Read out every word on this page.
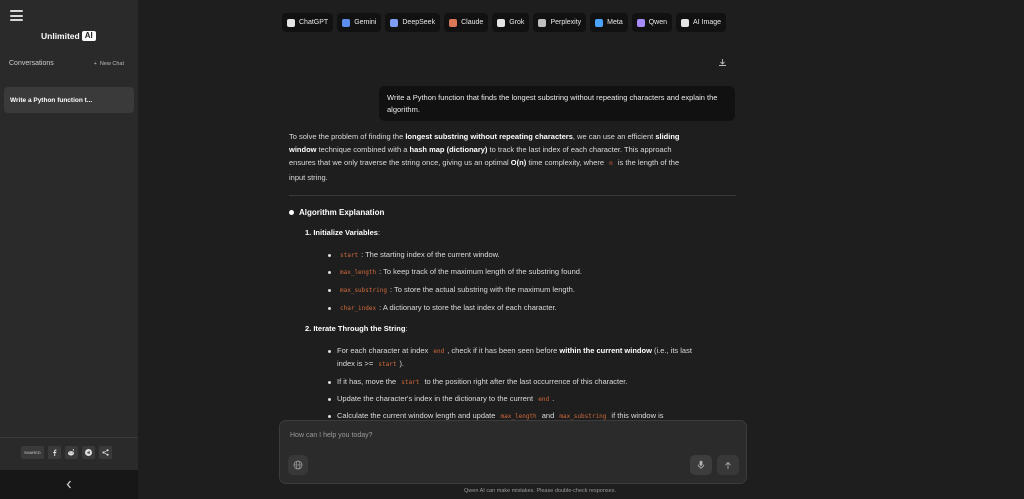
Unlimited AI
Conversations	+ New Chat
Write a Python function t...
SHARED
ChatGPT	Gemini	DeepSeek	Claude	Grok	Perplexity	Meta	Qwen	AI Image
Write a Python function that finds the longest substring without repeating characters and explain the algorithm.
To solve the problem of finding the longest substring without repeating characters, we can use an efficient sliding
window technique combined with a hash map (dictionary) to track the last index of each character. This approach
ensures that we only traverse the string once, giving us an optimal O(n) time complexity, where n is the length of the
input string.
Algorithm Explanation
1. Initialize Variables:
start : The starting index of the current window.
max_length : To keep track of the maximum length of the substring found.
max_substring : To store the actual substring with the maximum length.
char_index : A dictionary to store the last index of each character.
2. Iterate Through the String:
For each character at index end , check if it has been seen before within the current window (i.e., its last
index is >= start ).
If it has, move the start to the position right after the last occurrence of this character.
Update the character's index in the dictionary to the current end .
Calculate the current window length and update max_length and max_substring if this window is
How can I help you today?
Qwen AI can make mistakes. Please double-check responses.
